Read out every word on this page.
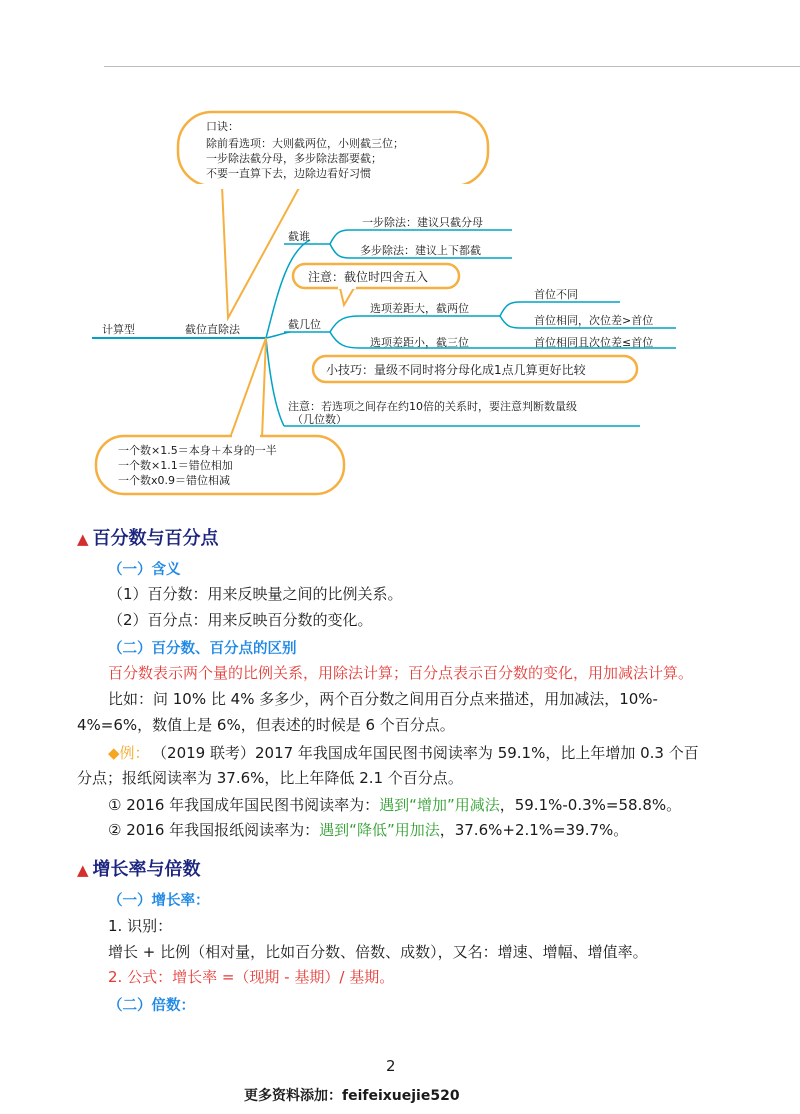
口诀：
除前看选项：大则截两位，小则截三位；
一步除法截分母，多步除法都要截；
不要一直算下去，边除边看好习惯
计算型	截位直除法
截谁
一步除法：建议只截分母
多步除法：建议上下都截
注意：截位时四舍五入
截几位
选项差距大，截两位
选项差距小，截三位
首位不同
首位相同，次位差>首位
首位相同且次位差≤首位
小技巧：量级不同时将分母化成1点几算更好比较
注意：若选项之间存在约10倍的关系时，要注意判断数量级
（几位数）
一个数×1.5＝本身＋本身的一半
一个数×1.1＝错位相加
一个数x0.9＝错位相减
▲ 百分数与百分点
（一）含义
（1）百分数：用来反映量之间的比例关系。
（2）百分点：用来反映百分数的变化。
（二）百分数、百分点的区别
百分数表示两个量的比例关系，用除法计算；百分点表示百分数的变化，用加减法计算。
比如：问 10% 比 4% 多多少，两个百分数之间用百分点来描述，用加减法，10%-
4%=6%，数值上是 6%，但表述的时候是 6 个百分点。
◆例： （2019 联考）2017 年我国成年国民图书阅读率为 59.1%，比上年增加 0.3 个百
分点；报纸阅读率为 37.6%，比上年降低 2.1 个百分点。
① 2016 年我国成年国民图书阅读率为：遇到“增加”用减法，59.1%-0.3%=58.8%。
② 2016 年我国报纸阅读率为：遇到“降低”用加法，37.6%+2.1%=39.7%。
▲ 增长率与倍数
（一）增长率：
1. 识别：
增长 + 比例（相对量，比如百分数、倍数、成数），又名：增速、增幅、增值率。
2. 公式：增长率 =（现期 - 基期）/ 基期。
（二）倍数：
2
更多资料添加：feifeixuejie520
